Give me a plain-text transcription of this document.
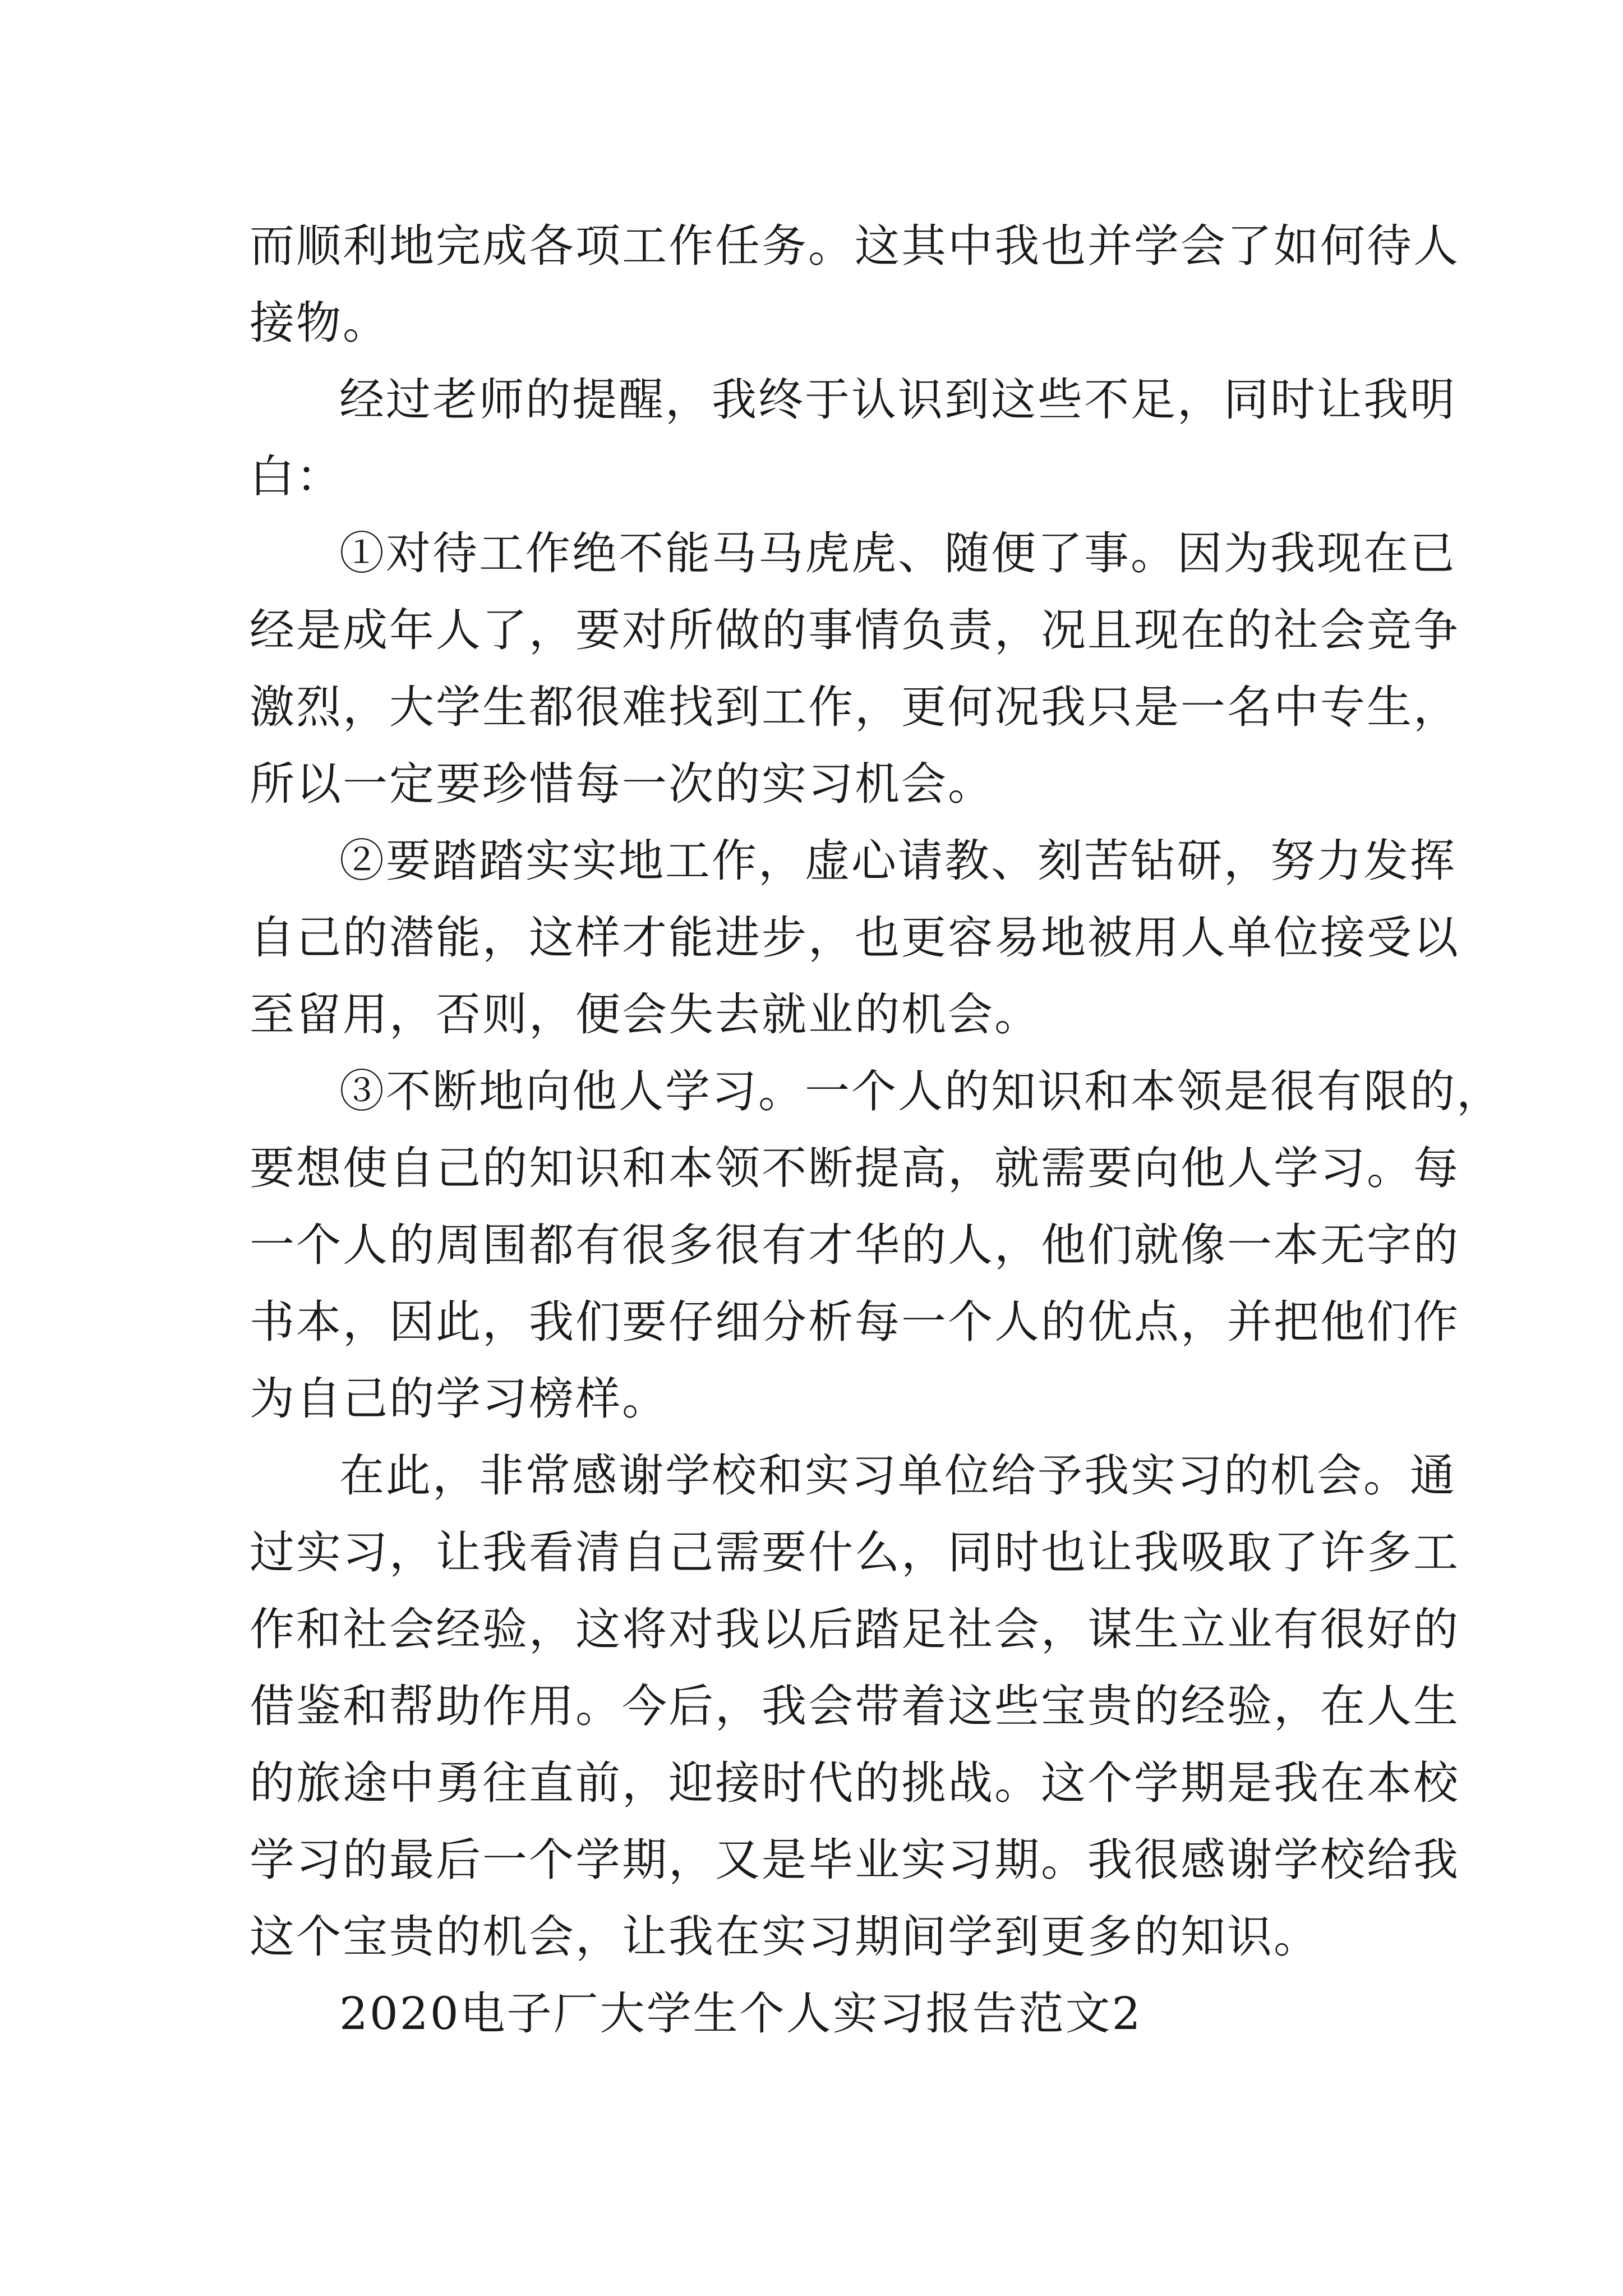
而顺利地完成各项工作任务。这其中我也并学会了如何待人
接物。
经过老师的提醒，我终于认识到这些不足，同时让我明
白：
①对待工作绝不能马马虎虎、随便了事。因为我现在已
经是成年人了，要对所做的事情负责，况且现在的社会竞争
激烈，大学生都很难找到工作，更何况我只是一名中专生，
所以一定要珍惜每一次的实习机会。
②要踏踏实实地工作，虚心请教、刻苦钻研，努力发挥
自己的潜能，这样才能进步，也更容易地被用人单位接受以
至留用，否则，便会失去就业的机会。
③不断地向他人学习。一个人的知识和本领是很有限的，
要想使自己的知识和本领不断提高，就需要向他人学习。每
一个人的周围都有很多很有才华的人，他们就像一本无字的
书本，因此，我们要仔细分析每一个人的优点，并把他们作
为自己的学习榜样。
在此，非常感谢学校和实习单位给予我实习的机会。通
过实习，让我看清自己需要什么，同时也让我吸取了许多工
作和社会经验，这将对我以后踏足社会，谋生立业有很好的
借鉴和帮助作用。今后，我会带着这些宝贵的经验，在人生
的旅途中勇往直前，迎接时代的挑战。这个学期是我在本校
学习的最后一个学期，又是毕业实习期。我很感谢学校给我
这个宝贵的机会，让我在实习期间学到更多的知识。
2020电子厂大学生个人实习报告范文2
